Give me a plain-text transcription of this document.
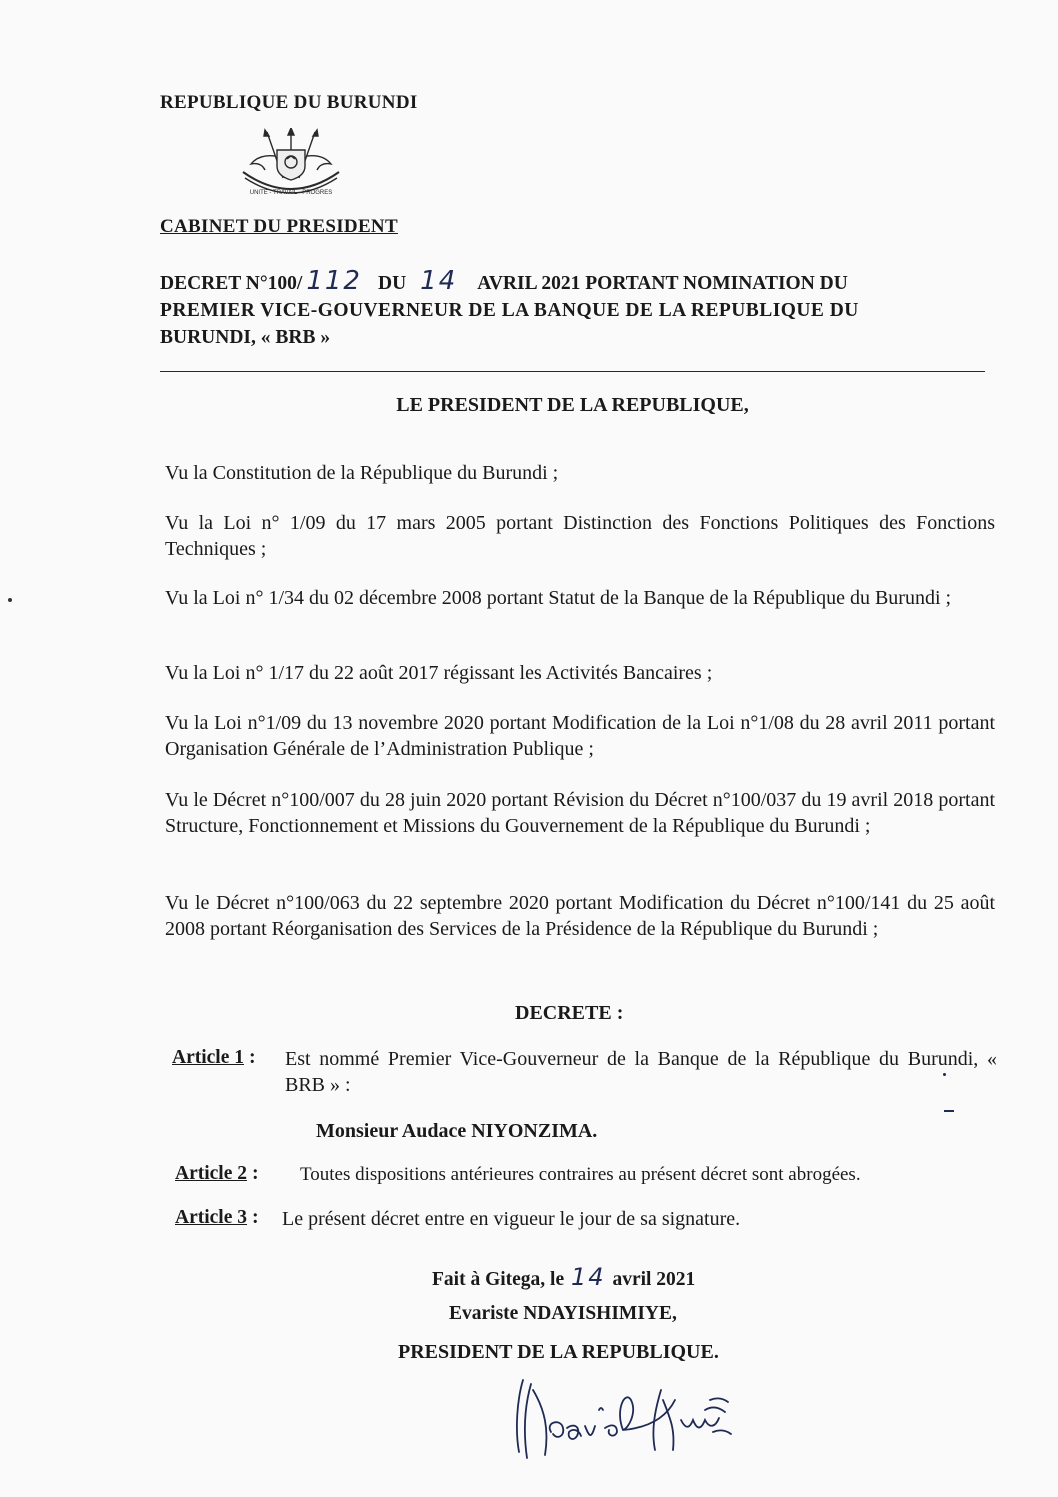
REPUBLIQUE DU BURUNDI
UNITE - TRAVAIL - PROGRES
CABINET DU PRESIDENT
DECRET N°100/ 112 DU 14 AVRIL 2021 PORTANT NOMINATION DU
PREMIER VICE-GOUVERNEUR DE LA BANQUE DE LA REPUBLIQUE DU
BURUNDI, « BRB »
LE PRESIDENT DE LA REPUBLIQUE,
Vu la Constitution de la République du Burundi ;
Vu la Loi n° 1/09 du 17 mars 2005 portant Distinction des Fonctions Politiques des Fonctions Techniques ;
Vu la Loi n° 1/34 du 02 décembre 2008 portant Statut de la Banque de la République du Burundi ;
Vu la Loi n° 1/17 du 22 août 2017 régissant les Activités Bancaires ;
Vu la Loi n°1/09 du 13 novembre 2020 portant Modification de la Loi n°1/08 du 28 avril 2011 portant Organisation Générale de l’Administration Publique ;
Vu le Décret n°100/007 du 28 juin 2020 portant Révision du Décret n°100/037 du 19 avril 2018 portant Structure, Fonctionnement et Missions du Gouvernement de la République du Burundi ;
Vu le Décret n°100/063 du 22 septembre 2020 portant Modification du Décret n°100/141 du 25 août 2008 portant Réorganisation des Services de la Présidence de la République du Burundi ;
DECRETE :
Article 1 : Est nommé Premier Vice-Gouverneur de la Banque de la République du Burundi, « BRB » :
Monsieur Audace NIYONZIMA.
Article 2 : Toutes dispositions antérieures contraires au présent décret sont abrogées.
Article 3 : Le présent décret entre en vigueur le jour de sa signature.
Fait à Gitega, le 14 avril 2021
Evariste NDAYISHIMIYE,
PRESIDENT DE LA REPUBLIQUE.
